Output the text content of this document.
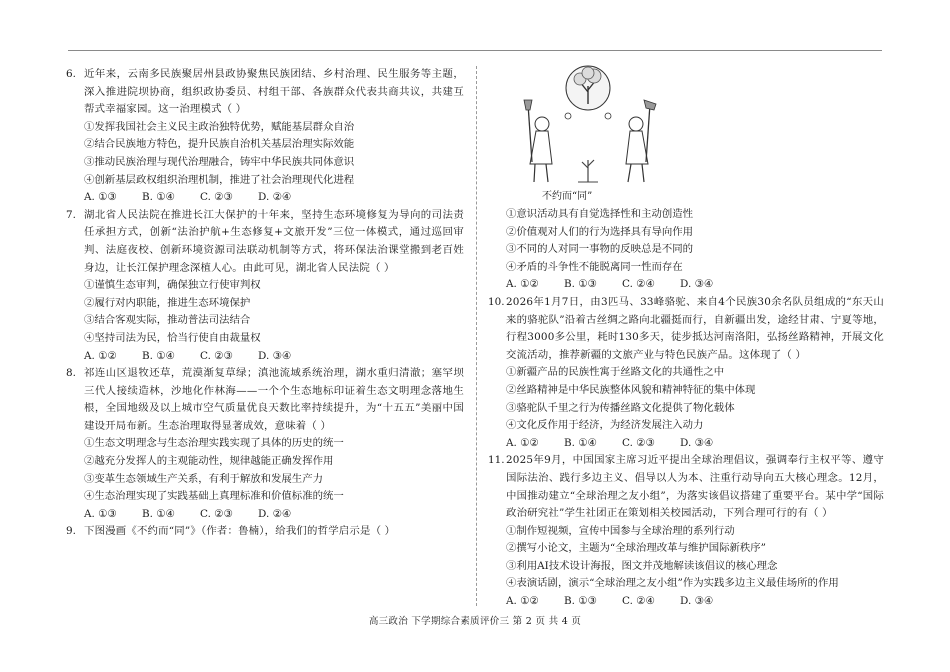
6. 近年来，云南多民族聚居州县政协聚焦民族团结、乡村治理、民生服务等主题，深入推进院坝协商，组织政协委员、村组干部、各族群众代表共商共议，共建互帮式幸福家园。这一治理模式（ ）
①发挥我国社会主义民主政治独特优势，赋能基层群众自治
②结合民族地方特色，提升民族自治机关基层治理实际效能
③推动民族治理与现代治理融合，铸牢中华民族共同体意识
④创新基层政权组织治理机制，推进了社会治理现代化进程
A. ①③	B. ①④	C. ②③	D. ②④
7. 湖北省人民法院在推进长江大保护的十年来，坚持生态环境修复为导向的司法责任承担方式，创新“法治护航+生态修复+文旅开发”三位一体模式，通过巡回审判、法庭夜校、创新环境资源司法联动机制等方式，将环保法治课堂搬到老百姓身边，让长江保护理念深植人心。由此可见，湖北省人民法院（ ）
①谨慎生态审判，确保独立行使审判权
②履行对内职能，推进生态环境保护
③结合客观实际，推动普法司法结合
④坚持司法为民，恰当行使自由裁量权
A. ①②	B. ①④	C. ②③	D. ③④
8. 祁连山区退牧还草，荒漠渐复草绿；滇池流域系统治理，湖水重归清澈；塞罕坝三代人接续造林，沙地化作林海——一个个生态地标印证着生态文明理念落地生根，全国地级及以上城市空气质量优良天数比率持续提升，为“十五五”美丽中国建设开局布新。生态治理取得显著成效，意味着（ ）
①生态文明理念与生态治理实践实现了具体的历史的统一
②越充分发挥人的主观能动性，规律越能正确发挥作用
③变革生态领域生产关系，有利于解放和发展生产力
④生态治理实现了实践基础上真理标准和价值标准的统一
A. ①③	B. ①④	C. ②③	D. ②④
9. 下图漫画《不约而“同”》（作者：鲁楠），给我们的哲学启示是（ ）
不约而“同”
①意识活动具有自觉选择性和主动创造性
②价值观对人们的行为选择具有导向作用
③不同的人对同一事物的反映总是不同的
④矛盾的斗争性不能脱离同一性而存在
A. ①②	B. ①③	C. ②④	D. ③④
10. 2026年1月7日，由3匹马、33峰骆驼、来自4个民族30余名队员组成的“东天山来的骆驼队”沿着古丝绸之路向北疆挺而行，自新疆出发，途经甘肃、宁夏等地，行程3000多公里，耗时130多天，徒步抵达河南洛阳，弘扬丝路精神，开展文化交流活动，推荐新疆的文旅产业与特色民族产品。这体现了（ ）
①新疆产品的民族性寓于丝路文化的共通性之中
②丝路精神是中华民族整体风貌和精神特征的集中体现
③骆驼队千里之行为传播丝路文化提供了物化载体
④文化反作用于经济，为经济发展注入动力
A. ①②	B. ①④	C. ②③	D. ③④
11. 2025年9月，中国国家主席习近平提出全球治理倡议，强调奉行主权平等、遵守国际法治、践行多边主义、倡导以人为本、注重行动导向五大核心理念。12月，中国推动建立“全球治理之友小组”，为落实该倡议搭建了重要平台。某中学“国际政治研究社”学生社团正在策划相关校园活动，下列合理可行的有（ ）
①制作短视频，宣传中国参与全球治理的系列行动
②撰写小论文，主题为“全球治理改革与维护国际新秩序”
③利用AI技术设计海报，图文并茂地解读该倡议的核心理念
④表演话剧，演示“全球治理之友小组”作为实践多边主义最佳场所的作用
A. ①②	B. ①③	C. ②④	D. ③④
高三政治 下学期综合素质评价三 第 2 页 共 4 页
